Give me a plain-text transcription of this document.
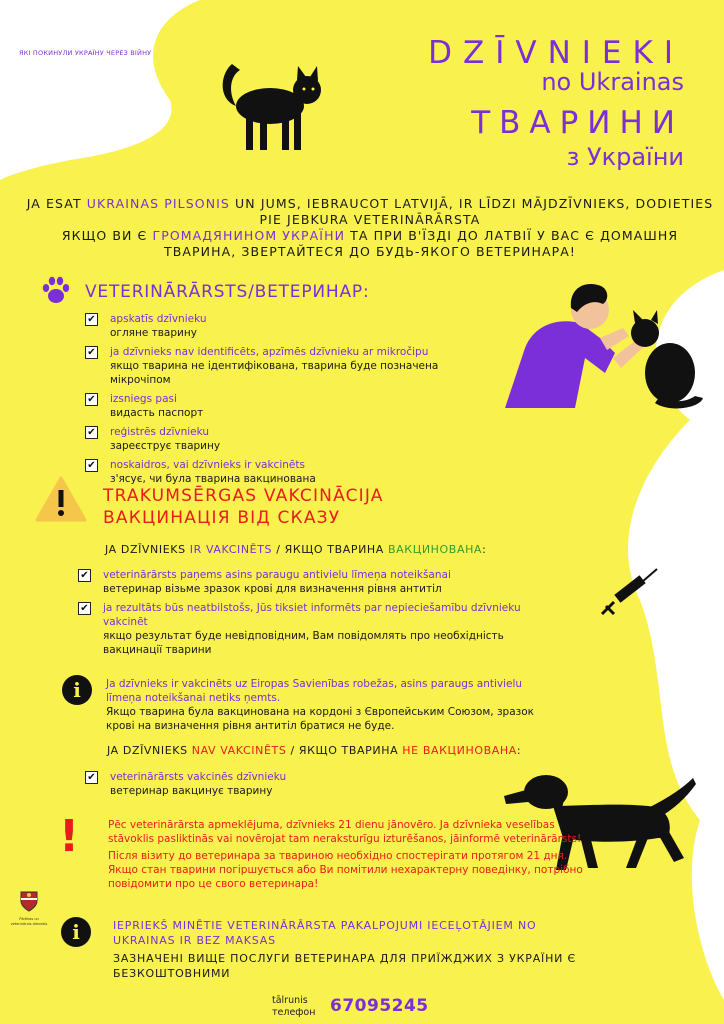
INFORMĀCIJA UKRAINAS KARA BĒGLIEM
ІНФОРМАЦІЯ ДЛЯ БІЖЕНЦІВ,
ЯКІ ПОКИНУЛИ УКРАЇНУ ЧЕРЕЗ ВІЙНУ	DZĪVNIEKI
no Ukrainas
ТВАРИНИ
з України
JA ESAT UKRAINAS PILSONIS UN JUMS, IEBRAUCOT LATVIJĀ, IR LĪDZI MĀJDZĪVNIEKS, DODIETIES PIE JEBKURA VETERINĀRĀRSTA
ЯКЩО ВИ Є ГРОМАДЯНИНОМ УКРАЇНИ ТА ПРИ В'ЇЗДІ ДО ЛАТВІЇ У ВАС Є ДОМАШНЯ ТВАРИНА, ЗВЕРТАЙТЕСЯ ДО БУДЬ-ЯКОГО ВЕТЕРИНАРА!
VETERINĀRĀRSTS/ВЕТЕРИНАР:
✔ apskatīs dzīvnieku
огляне тварину
✔ ja dzīvnieks nav identificēts, apzīmēs dzīvnieku ar mikročipu
якщо тварина не ідентифікована, тварина буде позначена мікрочіпом
✔ izsniegs pasi
видасть паспорт
✔ reģistrēs dzīvnieku
зареєструє тварину
✔ noskaidros, vai dzīvnieks ir vakcinēts
з'ясує, чи була тварина вакцинована
TRAKUMSĒRGAS VAKCINĀCIJA
ВАКЦИНАЦІЯ ВІД СКАЗУ
JA DZĪVNIEKS IR VAKCINĒTS / ЯКЩО ТВАРИНА ВАКЦИНОВАНА:
✔ veterinārārsts paņems asins paraugu antivielu līmeņa noteikšanai
ветеринар візьме зразок крові для визначення рівня антитіл
✔ ja rezultāts būs neatbilstošs, Jūs tiksiet informēts par nepieciešamību dzīvnieku vakcinēt
якщо результат буде невідповідним, Вам повідомлять про необхідність вакцинації тварини
i	Ja dzīvnieks ir vakcinēts uz Eiropas Savienības robežas, asins paraugs antivielu līmeņa noteikšanai netiks ņemts.
Якщо тварина була вакцинована на кордоні з Європейським Союзом, зразок крові на визначення рівня антитіл братися не буде.
JA DZĪVNIEKS NAV VAKCINĒTS / ЯКЩО ТВАРИНА НЕ ВАКЦИНОВАНА:
✔ veterinārārsts vakcinēs dzīvnieku
ветеринар вакцинує тварину
!	Pēc veterinārārsta apmeklējuma, dzīvnieks 21 dienu jānovēro. Ja dzīvnieka veselības stāvoklis pasliktinās vai novērojat tam neraksturīgu izturēšanos, jāinformē veterinārārsts!

Після візиту до ветеринара за твариною необхідно спостерігати протягом 21 дня. Якщо стан тварини погіршується або Ви помітили нехарактерну поведінку, потрібно повідомити про це свого ветеринара!

Pārtikas un veterinārais dienests	i	IEPRIEKŠ MINĒTIE VETERINĀRĀRSTA PAKALPOJUMI IECEĻOTĀJIEM NO UKRAINAS IR BEZ MAKSAS

ЗАЗНАЧЕНІ ВИЩЕ ПОСЛУГИ ВЕТЕРИНАРА ДЛЯ ПРИЇЖДЖИХ З УКРАЇНИ Є БЕЗКОШТОВНИМИ

tālrunis
телефон 67095245
